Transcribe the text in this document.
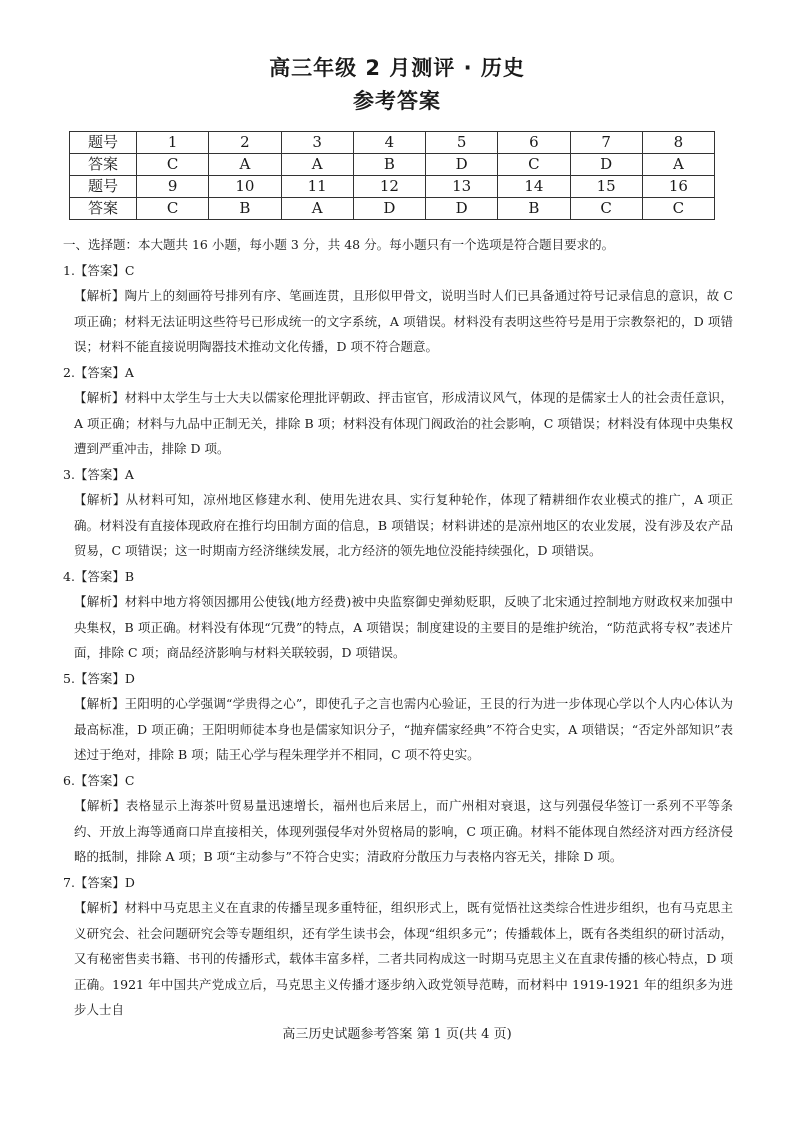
高三年级 2 月测评 · 历史
参考答案
题号	1	2	3	4	5	6	7	8
答案	C	A	A	B	D	C	D	A
题号	9	10	11	12	13	14	15	16
答案	C	B	A	D	D	B	C	C

一、选择题：本大题共 16 小题，每小题 3 分，共 48 分。每小题只有一个选项是符合题目要求的。

1.【答案】C

【解析】陶片上的刻画符号排列有序、笔画连贯，且形似甲骨文，说明当时人们已具备通过符号记录信息的意识，故 C 项正确；材料无法证明这些符号已形成统一的文字系统，A 项错误。材料没有表明这些符号是用于宗教祭祀的，D 项错误；材料不能直接说明陶器技术推动文化传播，D 项不符合题意。

2.【答案】A

【解析】材料中太学生与士大夫以儒家伦理批评朝政、抨击宦官，形成清议风气，体现的是儒家士人的社会责任意识，A 项正确；材料与九品中正制无关，排除 B 项；材料没有体现门阀政治的社会影响，C 项错误；材料没有体现中央集权遭到严重冲击，排除 D 项。

3.【答案】A

【解析】从材料可知，凉州地区修建水利、使用先进农具、实行复种轮作，体现了精耕细作农业模式的推广，A 项正确。材料没有直接体现政府在推行均田制方面的信息，B 项错误；材料讲述的是凉州地区的农业发展，没有涉及农产品贸易，C 项错误；这一时期南方经济继续发展，北方经济的领先地位没能持续强化，D 项错误。

4.【答案】B

【解析】材料中地方将领因挪用公使钱(地方经费)被中央监察御史弹劾贬职，反映了北宋通过控制地方财政权来加强中央集权，B 项正确。材料没有体现“冗费”的特点，A 项错误；制度建设的主要目的是维护统治，“防范武将专权”表述片面，排除 C 项；商品经济影响与材料关联较弱，D 项错误。

5.【答案】D

【解析】王阳明的心学强调“学贵得之心”，即使孔子之言也需内心验证，王艮的行为进一步体现心学以个人内心体认为最高标准，D 项正确；王阳明师徒本身也是儒家知识分子，“抛弃儒家经典”不符合史实，A 项错误；“否定外部知识”表述过于绝对，排除 B 项；陆王心学与程朱理学并不相同，C 项不符史实。

6.【答案】C

【解析】表格显示上海茶叶贸易量迅速增长，福州也后来居上，而广州相对衰退，这与列强侵华签订一系列不平等条约、开放上海等通商口岸直接相关，体现列强侵华对外贸格局的影响，C 项正确。材料不能体现自然经济对西方经济侵略的抵制，排除 A 项；B 项“主动参与”不符合史实；清政府分散压力与表格内容无关，排除 D 项。

7.【答案】D

【解析】材料中马克思主义在直隶的传播呈现多重特征，组织形式上，既有觉悟社这类综合性进步组织，也有马克思主义研究会、社会问题研究会等专题组织，还有学生读书会，体现“组织多元”；传播载体上，既有各类组织的研讨活动，又有秘密售卖书籍、书刊的传播形式，载体丰富多样，二者共同构成这一时期马克思主义在直隶传播的核心特点，D 项正确。1921 年中国共产党成立后，马克思主义传播才逐步纳入政党领导范畴，而材料中 1919-1921 年的组织多为进步人士自

高三历史试题参考答案 第 1 页(共 4 页)
